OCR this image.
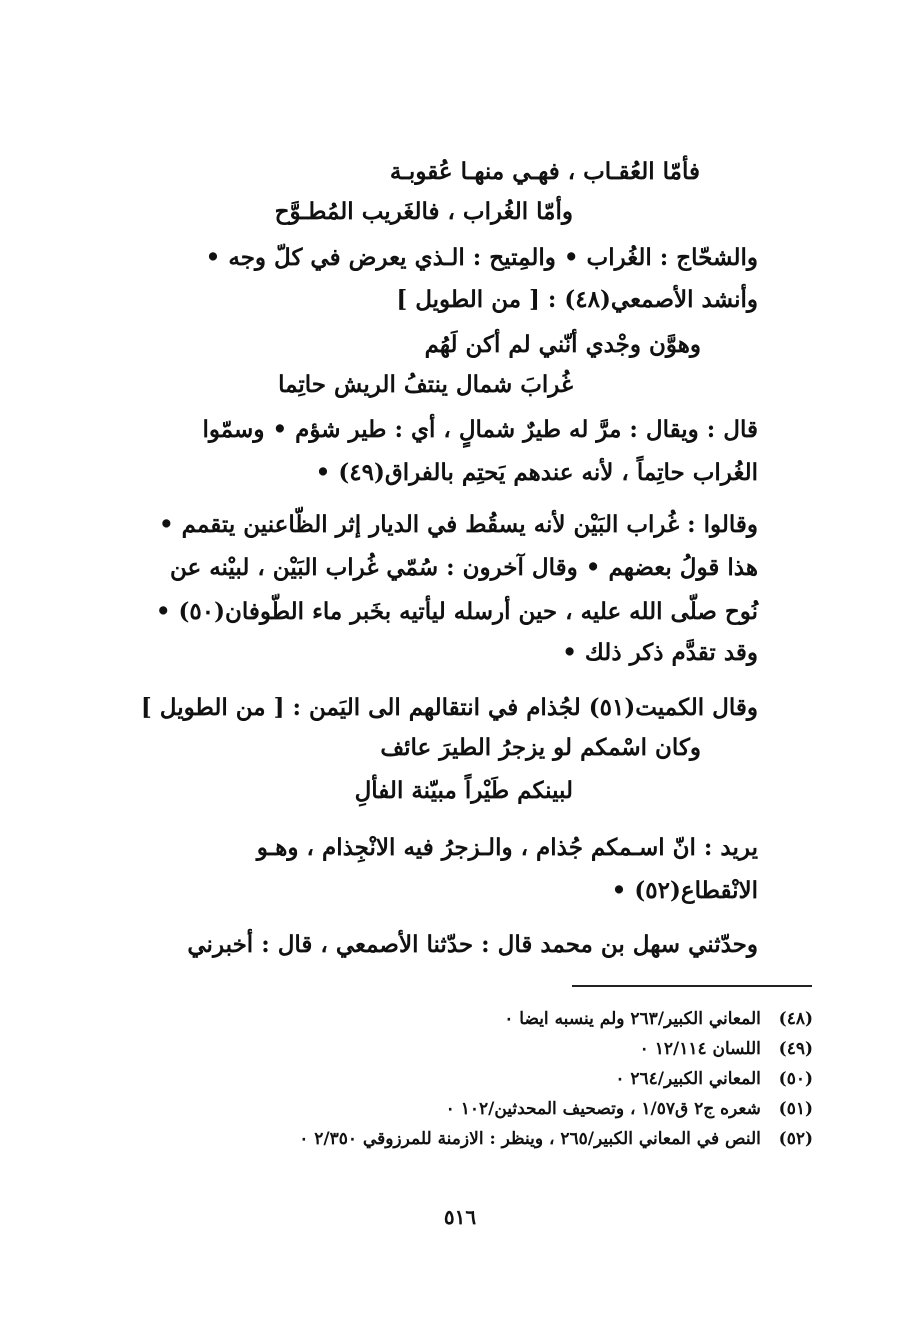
فأمّا العُقـاب ، فهـي منهـا عُقوبـة
وأمّا الغُراب ، فالغَريب المُطـوَّح
والشحّاج : الغُراب • والمِتيح : الـذي يعرض في كلّ وجه •
وأنشد الأصمعي(٤٨) : [ من الطويل ]
وهوَّن وجْدي أنّني لم أكن لَهُم
غُرابَ شمال ينتفُ الريش حاتِما
قال : ويقال : مرَّ له طيرٌ شمالٍ ، أي : طير شؤم • وسمّوا
الغُراب حاتِماً ، لأنه عندهم يَحتِم بالفراق(٤٩) •
وقالوا : غُراب البَيْن لأنه يسقُط في الديار إثر الظّاعنين يتقمم •
هذا قولُ بعضهم • وقال آخرون : سُمّي غُراب البَيْن ، لبيْنه عن
نُوح صلّى الله عليه ، حين أرسله ليأتيه بخَبر ماء الطّوفان(٥٠) •
وقد تقدَّم ذكر ذلك •
وقال الكميت(٥١) لجُذام في انتقالهم الى اليَمن : [ من الطويل ]
وكان اسْمكم لو يزجرُ الطيرَ عائف
لبينكم طَيْراً مبيّنة الفألِ
يريد : انّ اسـمكم جُذام ، والـزجرُ فيه الانْجِذام ، وهـو
الانْقطاع(٥٢) •
وحدّثني سهل بن محمد قال : حدّثنا الأصمعي ، قال : أخبرني
(٤٨)   المعاني الكبير/٢٦٣ ولم ينسبه ايضا ٠
(٤٩)   اللسان ١٢/١١٤ ٠
(٥٠)   المعاني الكبير/٢٦٤ ٠
(٥١)   شعره ج٢ ق١/٥٧ ، وتصحيف المحدثين/١٠٢ ٠
(٥٢)   النص في المعاني الكبير/٢٦٥ ، وينظر : الازمنة للمرزوقي ٢/٣٥٠ ٠
٥١٦
